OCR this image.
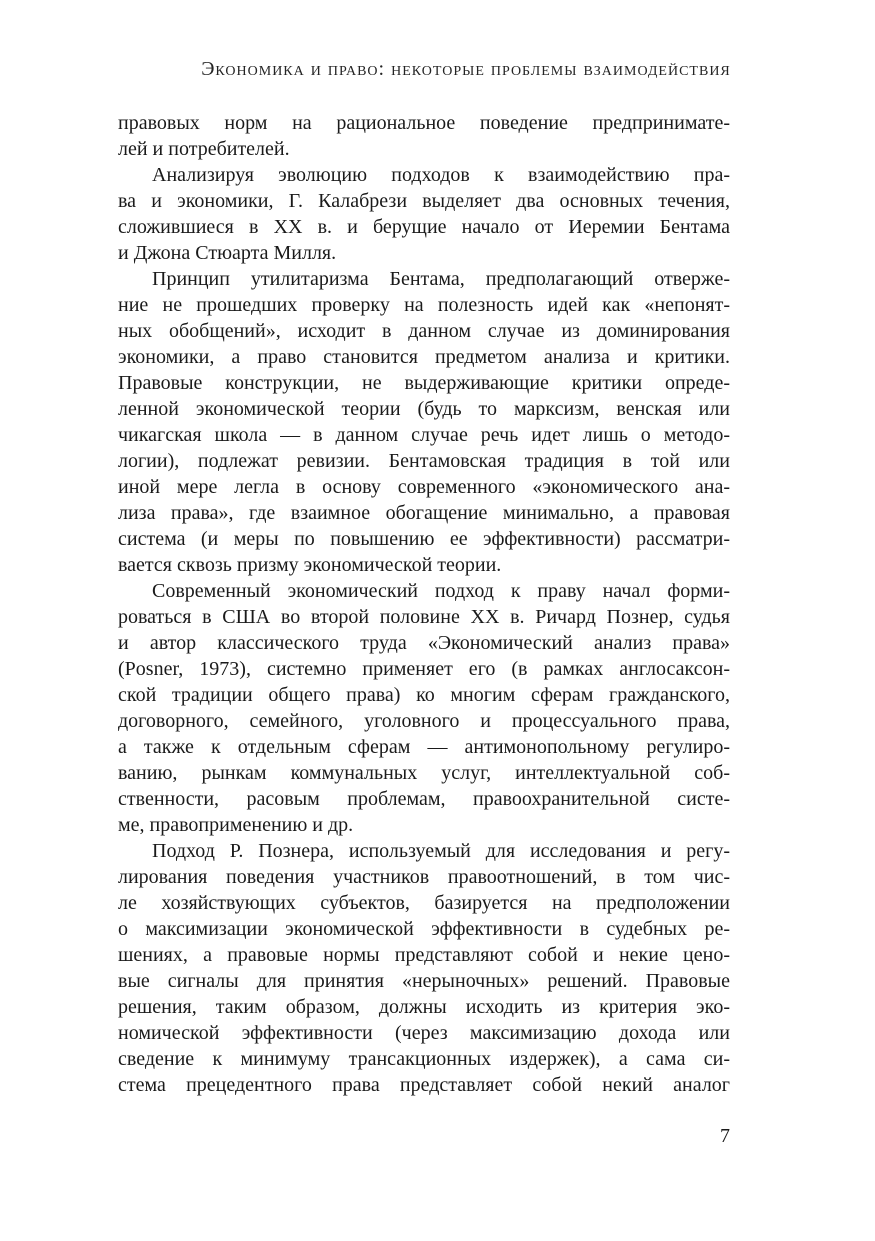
Экономика и право: некоторые проблемы взаимодействия
правовых норм на рациональное поведение предпринимате-
лей и потребителей.
Анализируя эволюцию подходов к взаимодействию пра-
ва и экономики, Г. Калабрези выделяет два основных течения,
сложившиеся в XX в. и берущие начало от Иеремии Бентама
и Джона Стюарта Милля.
Принцип утилитаризма Бентама, предполагающий отверже-
ние не прошедших проверку на полезность идей как «непонят-
ных обобщений», исходит в данном случае из доминирования
экономики, а право становится предметом анализа и критики.
Правовые конструкции, не выдерживающие критики опреде-
ленной экономической теории (будь то марксизм, венская или
чикагская школа — в данном случае речь идет лишь о методо-
логии), подлежат ревизии. Бентамовская традиция в той или
иной мере легла в основу современного «экономического ана-
лиза права», где взаимное обогащение минимально, а правовая
система (и меры по повышению ее эффективности) рассматри-
вается сквозь призму экономической теории.
Современный экономический подход к праву начал форми-
роваться в США во второй половине XX в. Ричард Познер, судья
и автор классического труда «Экономический анализ права»
(Posner, 1973), системно применяет его (в рамках англосаксон-
ской традиции общего права) ко многим сферам гражданского,
договорного, семейного, уголовного и процессуального права,
а также к отдельным сферам — антимонопольному регулиро-
ванию, рынкам коммунальных услуг, интеллектуальной соб-
ственности, расовым проблемам, правоохранительной систе-
ме, правоприменению и др.
Подход Р. Познера, используемый для исследования и регу-
лирования поведения участников правоотношений, в том чис-
ле хозяйствующих субъектов, базируется на предположении
о максимизации экономической эффективности в судебных ре-
шениях, а правовые нормы представляют собой и некие цено-
вые сигналы для принятия «нерыночных» решений. Правовые
решения, таким образом, должны исходить из критерия эко-
номической эффективности (через максимизацию дохода или
сведение к минимуму трансакционных издержек), а сама си-
стема прецедентного права представляет собой некий аналог
7
